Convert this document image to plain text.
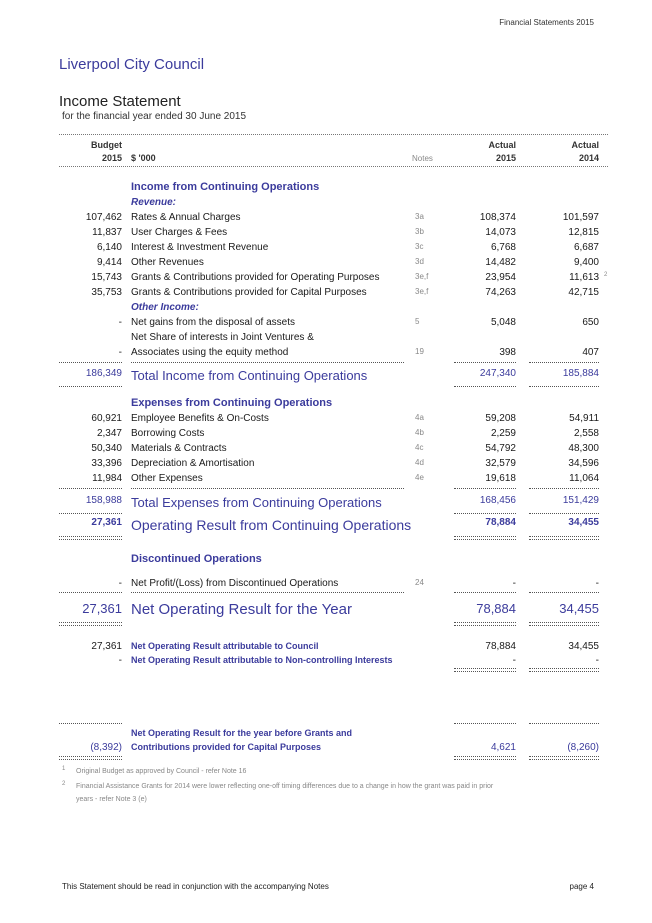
Financial Statements 2015
Liverpool City Council
Income Statement
for the financial year ended 30 June 2015
Budget
2015 $ '000	Notes
Actual
2015
Actual
2014
Income from Continuing Operations
Revenue:
107,462 Rates & Annual Charges	3a	108,374	101,597
11,837 User Charges & Fees	3b	14,073	12,815
6,140 Interest & Investment Revenue	3c	6,768	6,687
9,414 Other Revenues	3d	14,482	9,400
15,743 Grants & Contributions provided for Operating Purposes	3e,f	23,954	11,613 2
35,753 Grants & Contributions provided for Capital Purposes	3e,f	74,263	42,715
Other Income:
- Net gains from the disposal of assets	5	5,048	650
Net Share of interests in Joint Ventures &
- Associates using the equity method	19	398	407
186,349 Total Income from Continuing Operations	247,340	185,884
Expenses from Continuing Operations
60,921 Employee Benefits & On-Costs	4a	59,208	54,911
2,347 Borrowing Costs	4b	2,259	2,558
50,340 Materials & Contracts	4c	54,792	48,300
33,396 Depreciation & Amortisation	4d	32,579	34,596
11,984 Other Expenses	4e	19,618	11,064
158,988 Total Expenses from Continuing Operations	168,456	151,429
27,361 Operating Result from Continuing Operations	78,884	34,455
Discontinued Operations
- Net Profit/(Loss) from Discontinued Operations	24	-	-
27,361 Net Operating Result for the Year	78,884	34,455
27,361 Net Operating Result attributable to Council	78,884	34,455
- Net Operating Result attributable to Non-controlling Interests	-	-
Net Operating Result for the year before Grants and
(8,392) Contributions provided for Capital Purposes	4,621	(8,260)
1 Original Budget as approved by Council - refer Note 16
2 Financial Assistance Grants for 2014 were lower reflecting one-off timing differences due to a change in how the grant was paid in prior
years - refer Note 3 (e)
This Statement should be read in conjunction with the accompanying Notes	page 4
